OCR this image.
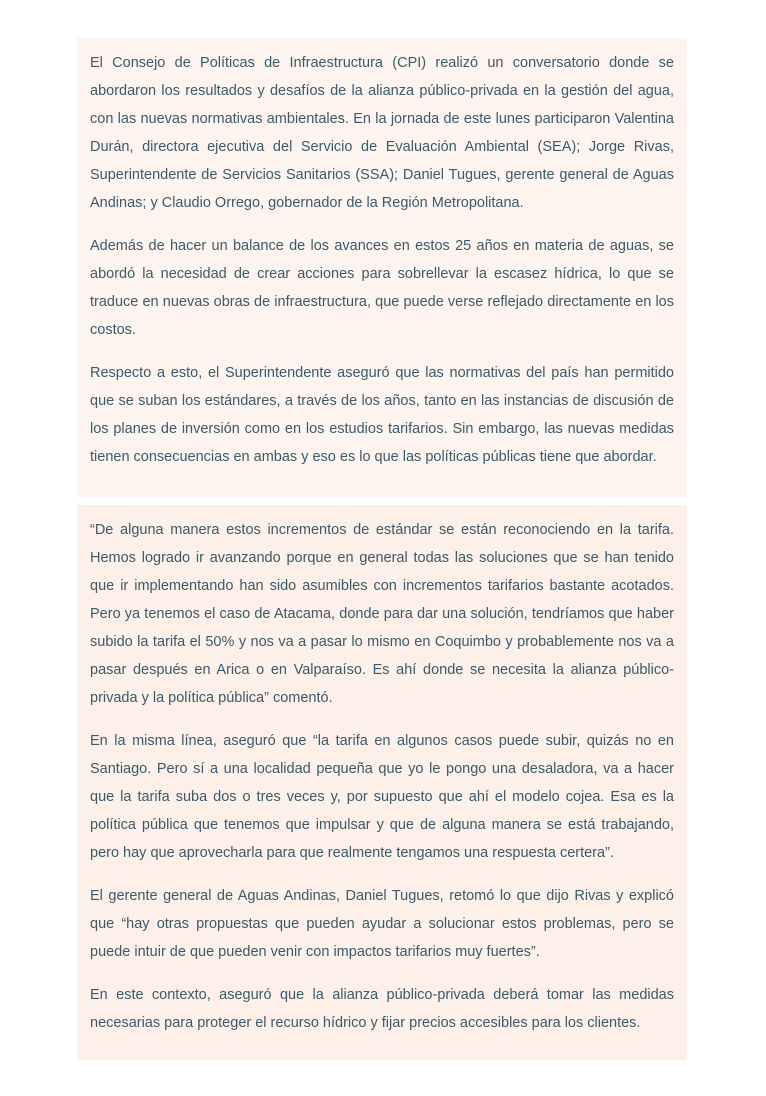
El Consejo de Políticas de Infraestructura (CPI) realizó un conversatorio donde se abordaron los resultados y desafíos de la alianza público-privada en la gestión del agua, con las nuevas normativas ambientales. En la jornada de este lunes participaron Valentina Durán, directora ejecutiva del Servicio de Evaluación Ambiental (SEA); Jorge Rivas, Superintendente de Servicios Sanitarios (SSA); Daniel Tugues, gerente general de Aguas Andinas; y Claudio Orrego, gobernador de la Región Metropolitana.

Además de hacer un balance de los avances en estos 25 años en materia de aguas, se abordó la necesidad de crear acciones para sobrellevar la escasez hídrica, lo que se traduce en nuevas obras de infraestructura, que puede verse reflejado directamente en los costos.

Respecto a esto, el Superintendente aseguró que las normativas del país han permitido que se suban los estándares, a través de los años, tanto en las instancias de discusión de los planes de inversión como en los estudios tarifarios. Sin embargo, las nuevas medidas tienen consecuencias en ambas y eso es lo que las políticas públicas tiene que abordar.

“De alguna manera estos incrementos de estándar se están reconociendo en la tarifa. Hemos logrado ir avanzando porque en general todas las soluciones que se han tenido que ir implementando han sido asumibles con incrementos tarifarios bastante acotados. Pero ya tenemos el caso de Atacama, donde para dar una solución, tendríamos que haber subido la tarifa el 50% y nos va a pasar lo mismo en Coquimbo y probablemente nos va a pasar después en Arica o en Valparaíso. Es ahí donde se necesita la alianza público-privada y la política pública” comentó.

En la misma línea, aseguró que “la tarifa en algunos casos puede subir, quizás no en Santiago. Pero sí a una localidad pequeña que yo le pongo una desaladora, va a hacer que la tarifa suba dos o tres veces y, por supuesto que ahí el modelo cojea. Esa es la política pública que tenemos que impulsar y que de alguna manera se está trabajando, pero hay que aprovecharla para que realmente tengamos una respuesta certera”.

El gerente general de Aguas Andinas, Daniel Tugues, retomó lo que dijo Rivas y explicó que “hay otras propuestas que pueden ayudar a solucionar estos problemas, pero se puede intuir de que pueden venir con impactos tarifarios muy fuertes”.

En este contexto, aseguró que la alianza público-privada deberá tomar las medidas necesarias para proteger el recurso hídrico y fijar precios accesibles para los clientes.
